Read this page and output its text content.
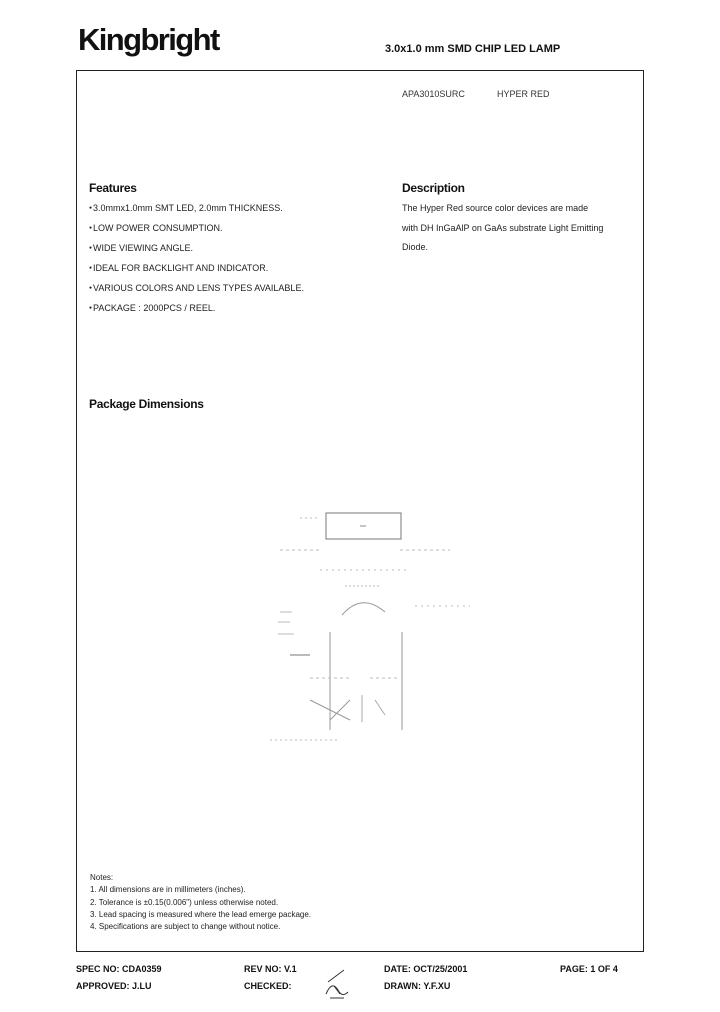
Kingbright	3.0x1.0 mm SMD CHIP LED LAMP
APA3010SURC	HYPER RED
Features
● 3.0mmx1.0mm SMT LED, 2.0mm THICKNESS.
● LOW POWER CONSUMPTION.
● WIDE VIEWING ANGLE.
● IDEAL FOR BACKLIGHT AND INDICATOR.
● VARIOUS COLORS AND LENS TYPES AVAILABLE.
● PACKAGE : 2000PCS / REEL.
Description
The Hyper Red source color devices are made
with DH InGaAlP on GaAs substrate Light Emitting
Diode.
Package Dimensions
Notes:
1. All dimensions are in millimeters (inches).
2. Tolerance is ±0.15(0.006") unless otherwise noted.
3. Lead spacing is measured where the lead emerge package.
4. Specifications are subject to change without notice.
SPEC NO: CDA0359	REV NO: V.1	DATE: OCT/25/2001	PAGE: 1 OF 4
APPROVED: J.LU	CHECKED:	DRAWN: Y.F.XU
